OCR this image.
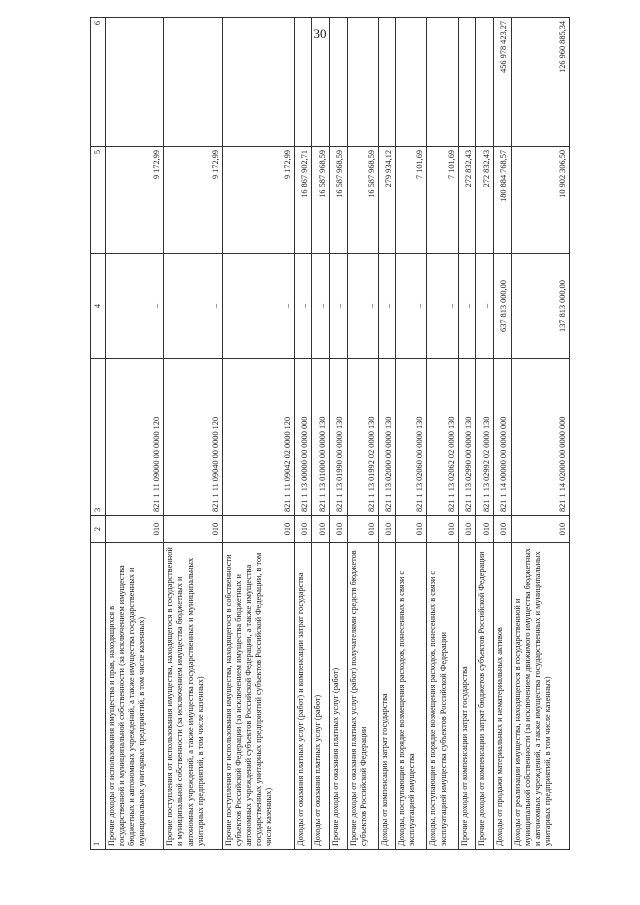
30
1	2	3	4	5	6
Прочие доходы от использования имущества и прав, находящихся в государственной и муниципальной собственности (за исключением имущества бюджетных и автономных учреждений, а также имущества государственных и муниципальных унитарных предприятий, в том числе казенных)	010	821 1 11 09000 00 0000 120	–	9 172,99	
Прочие поступления от использования имущества, находящегося в государственной и муниципальной собственности (за исключением имущества бюджетных и автономных учреждений, а также имущества государственных и муниципальных унитарных предприятий, в том числе казенных)	010	821 1 11 09040 00 0000 120	–	9 172,99	
Прочие поступления от использования имущества, находящегося в собственности субъектов Российской Федерации (за исключением имущества бюджетных и автономных учреждений субъектов Российской Федерации, а также имущества государственных унитарных предприятий субъектов Российской Федерации, в том числе казенных)	010	821 1 11 09042 02 0000 120	–	9 172,99	
Доходы от оказания платных услуг (работ) и компенсации затрат государства	010	821 1 13 00000 00 0000 000	–	16 867 902,71	
Доходы от оказания платных услуг (работ)	010	821 1 13 01000 00 0000 130	–	16 587 968,59	
Прочие доходы от оказания платных услуг (работ)	010	821 1 13 01990 00 0000 130	–	16 587 968,59	
Прочие доходы от оказания платных услуг (работ) получателями средств бюджетов субъектов Российской Федерации	010	821 1 13 01992 02 0000 130	–	16 587 968,59	
Доходы от компенсации затрат государства	010	821 1 13 02000 00 0000 130	–	279 934,12	
Доходы, поступающие в порядке возмещения расходов, понесенных в связи с эксплуатацией имущества	010	821 1 13 02060 00 0000 130	–	7 101,69	
Доходы, поступающие в порядке возмещения расходов, понесенных в связи с эксплуатацией имущества субъектов Российской Федерации	010	821 1 13 02062 02 0000 130	–	7 101,69	
Прочие доходы от компенсации затрат государства	010	821 1 13 02990 00 0000 130	–	272 832,43	
Прочие доходы от компенсации затрат бюджетов субъектов Российской Федерации	010	821 1 13 02992 02 0000 130	–	272 832,43	
Доходы от продажи материальных и нематериальных активов	010	821 1 14 00000 00 0000 000	637 813 000,00	180 884 768,57	456 978 423,27
Доходы от реализации имущества, находящегося в государственной и муниципальной собственности (за исключением движимого имущества бюджетных и автономных учреждений, а также имущества государственных и муниципальных унитарных предприятий, в том числе казенных)	010	821 1 14 02000 00 0000 000	137 813 000,00	10 902 306,50	126 960 885,34
